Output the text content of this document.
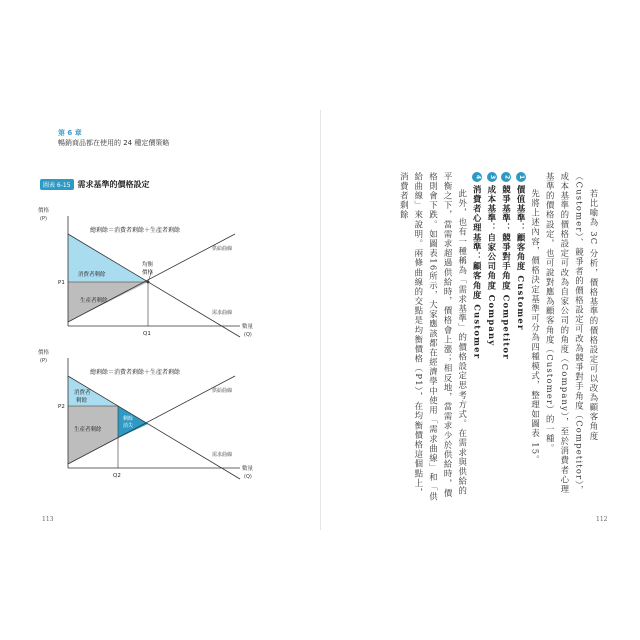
第 6 章
暢銷商品都在使用的 24 種定價策略
圖表 6-15 需求基準的價格設定
價格
(P)
總剩餘＝消費者剩餘＋生產者剩餘
均衡
價格
供給曲線
需求曲線
消費者剩餘
生產者剩餘
P1
Q1
數量
(Q)
價格
(P)
總剩餘＝消費者剩餘＋生產者剩餘
供給曲線
需求曲線
消費者
剩餘
生產者剩餘
剩餘
消失
P2
Q2
數量
(Q)
113

若比喻為 3C 分析，價格基準的價格設定可以改為顧客角度（Customer）、競爭者的價格設定可改為競爭對手角度（Competitor），成本基準的價格設定可改為自家公司的角度（Company），至於消費者心理基準的價格設定，也可說對應為顧客角度（Customer）的一種。

先將上述內容，價格決定基準可分為四種模式，整理如圖表 15。

1價值基準：顧客角度 Customer
2競爭基準：競爭對手角度 Competitor
3成本基準：自家公司角度 Company
4消費者心理基準：顧客角度 Customer

此外，也有一種稱為「需求基準」的價格設定思考方式。在需求與供給的平衡之下，當需求超過供給時，價格會上漲；相反地，當需求少於供給時，價格則會下跌。如圖表16所示，大家應該都在經濟學中使用「需求曲線」和「供給曲線」來說明。兩條曲線的交點是均衡價格（P1），在均衡價格這個點上，消費者剩餘

112
